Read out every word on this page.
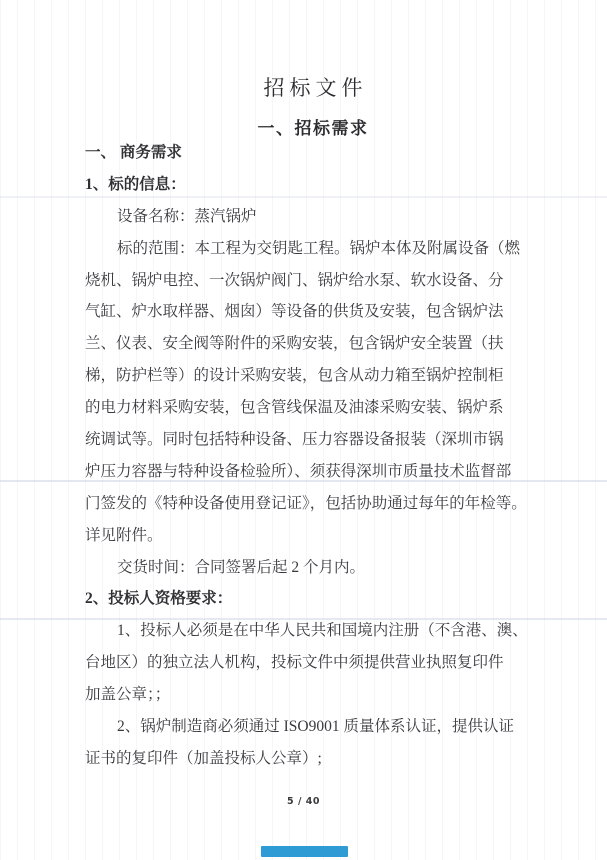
招标文件
一、招标需求
一、 商务需求
1、标的信息：
设备名称：蒸汽锅炉
标的范围：本工程为交钥匙工程。锅炉本体及附属设备（燃
烧机、锅炉电控、一次锅炉阀门、锅炉给水泵、软水设备、分
气缸、炉水取样器、烟囱）等设备的供货及安装，包含锅炉法
兰、仪表、安全阀等附件的采购安装，包含锅炉安全装置（扶
梯，防护栏等）的设计采购安装，包含从动力箱至锅炉控制柜
的电力材料采购安装，包含管线保温及油漆采购安装、锅炉系
统调试等。同时包括特种设备、压力容器设备报装（深圳市锅
炉压力容器与特种设备检验所）、须获得深圳市质量技术监督部
门签发的《特种设备使用登记证》，包括协助通过每年的年检等。
详见附件。
交货时间：合同签署后起 2 个月内。
2、投标人资格要求：
1、投标人必须是在中华人民共和国境内注册（不含港、澳、
台地区）的独立法人机构，投标文件中须提供营业执照复印件
加盖公章；；
2、锅炉制造商必须通过 ISO9001 质量体系认证，提供认证
证书的复印件（加盖投标人公章）;
5 / 40
